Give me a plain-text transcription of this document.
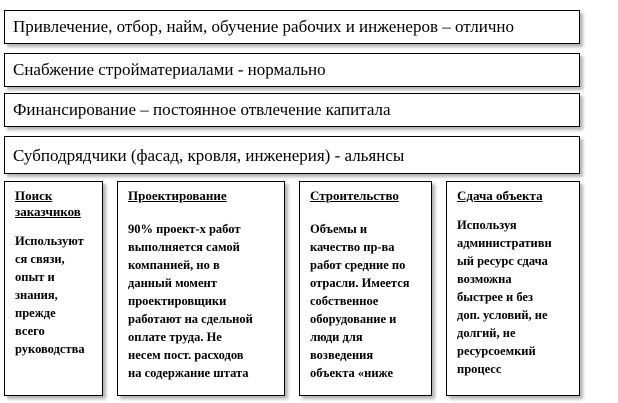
Привлечение, отбор, найм, обучение рабочих и инженеров – отлично
Снабжение стройматериалами - нормально
Финансирование – постоянное отвлечение капитала
Субподрядчики (фасад, кровля, инженерия) - альянсы
Поиск
заказчиков
Используют
ся связи,
опыт и
знания,
прежде
всего
руководства
Проектирование
90% проект-х работ
выполняется самой
компанией, но в
данный момент
проектировщики
работают на сдельной
оплате труда. Не
несем пост. расходов
на содержание штата
Строительство
Объемы и
качество пр-ва
работ средние по
отрасли. Имеется
собственное
оборудование и
люди для
возведения
объекта «ниже
Сдача объекта
Используя
административн
ый ресурс сдача
возможна
быстрее и без
доп. условий, не
долгий, не
ресурсоемкий
процесс
